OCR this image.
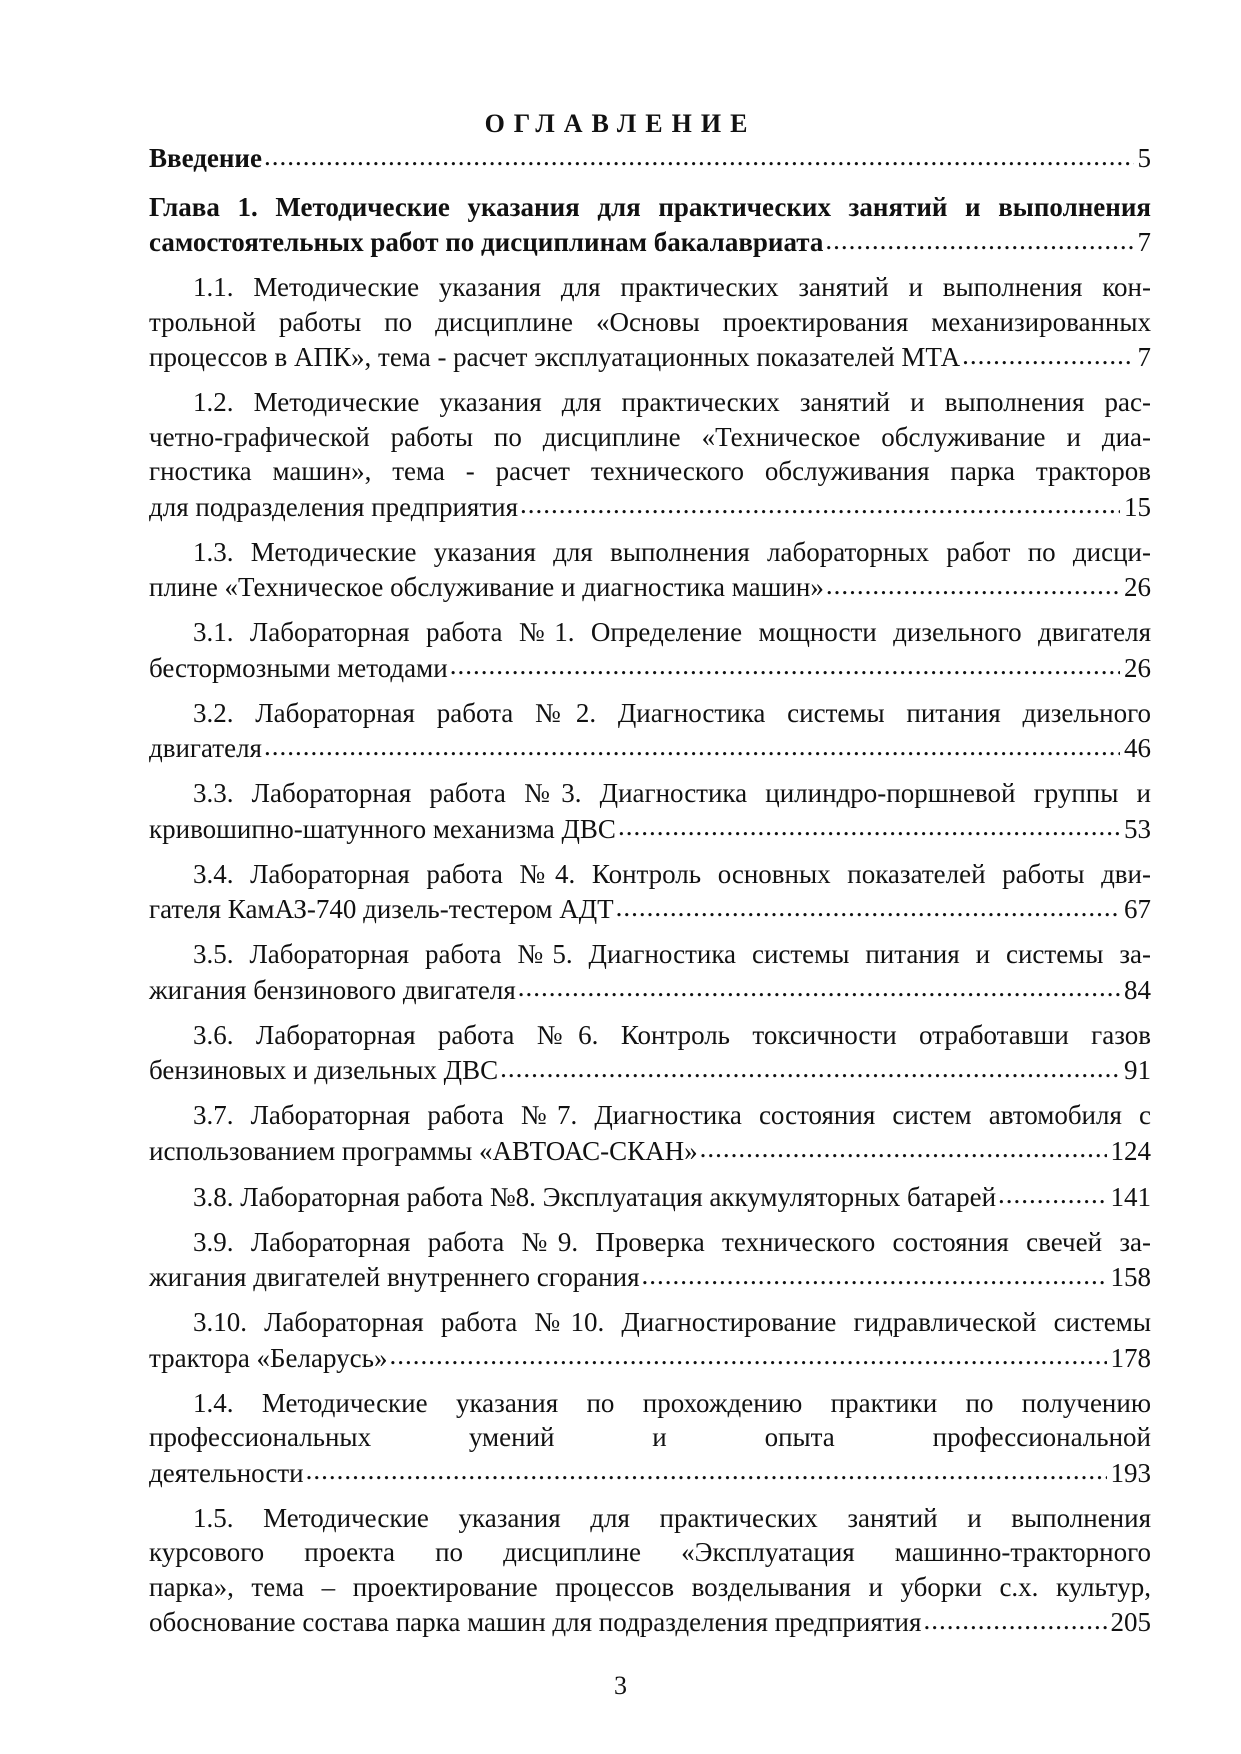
ОГЛАВЛЕНИЕ
Введение .....	5
Глава 1. Методические указания для практических занятий и выполнения
самостоятельных работ по дисциплинам бакалавриата .....	7
1.1. Методические указания для практических занятий и выполнения кон-
трольной работы по дисциплине «Основы проектирования механизированных
процессов в АПК», тема - расчет эксплуатационных показателей МТА .....	7
1.2. Методические указания для практических занятий и выполнения рас-
четно-графической работы по дисциплине «Техническое обслуживание и диа-
гностика машин», тема - расчет технического обслуживания парка тракторов
для подразделения предприятия .....	15
1.3. Методические указания для выполнения лабораторных работ по дисци-
плине «Техническое обслуживание и диагностика машин» .....	26
3.1. Лабораторная работа №1. Определение мощности дизельного двигателя
бестормозными методами .....	26
3.2. Лабораторная работа №2. Диагностика системы питания дизельного
двигателя .....	46
3.3. Лабораторная работа №3. Диагностика цилиндро-поршневой группы и
кривошипно-шатунного механизма ДВС .....	53
3.4. Лабораторная работа №4. Контроль основных показателей работы дви-
гателя КамАЗ-740 дизель-тестером АДТ .....	67
3.5. Лабораторная работа №5. Диагностика системы питания и системы за-
жигания бензинового двигателя .....	84
3.6. Лабораторная работа №6. Контроль токсичности отработавши газов
бензиновых и дизельных ДВС .....	91
3.7. Лабораторная работа №7. Диагностика состояния систем автомобиля с
использованием программы «АВТОАС-СКАН» .....	124
3.8. Лабораторная работа №8. Эксплуатация аккумуляторных батарей .....	141
3.9. Лабораторная работа №9. Проверка технического состояния свечей за-
жигания двигателей внутреннего сгорания .....	158
3.10. Лабораторная работа №10. Диагностирование гидравлической системы
трактора «Беларусь» .....	178
1.4. Методические указания по прохождению практики по получению
профессиональных умений и опыта профессиональной
деятельности .....	193
1.5. Методические указания для практических занятий и выполнения
курсового проекта по дисциплине «Эксплуатация машинно-тракторного
парка», тема – проектирование процессов возделывания и уборки с.х. культур,
обоснование состава парка машин для подразделения предприятия .....	205
3
